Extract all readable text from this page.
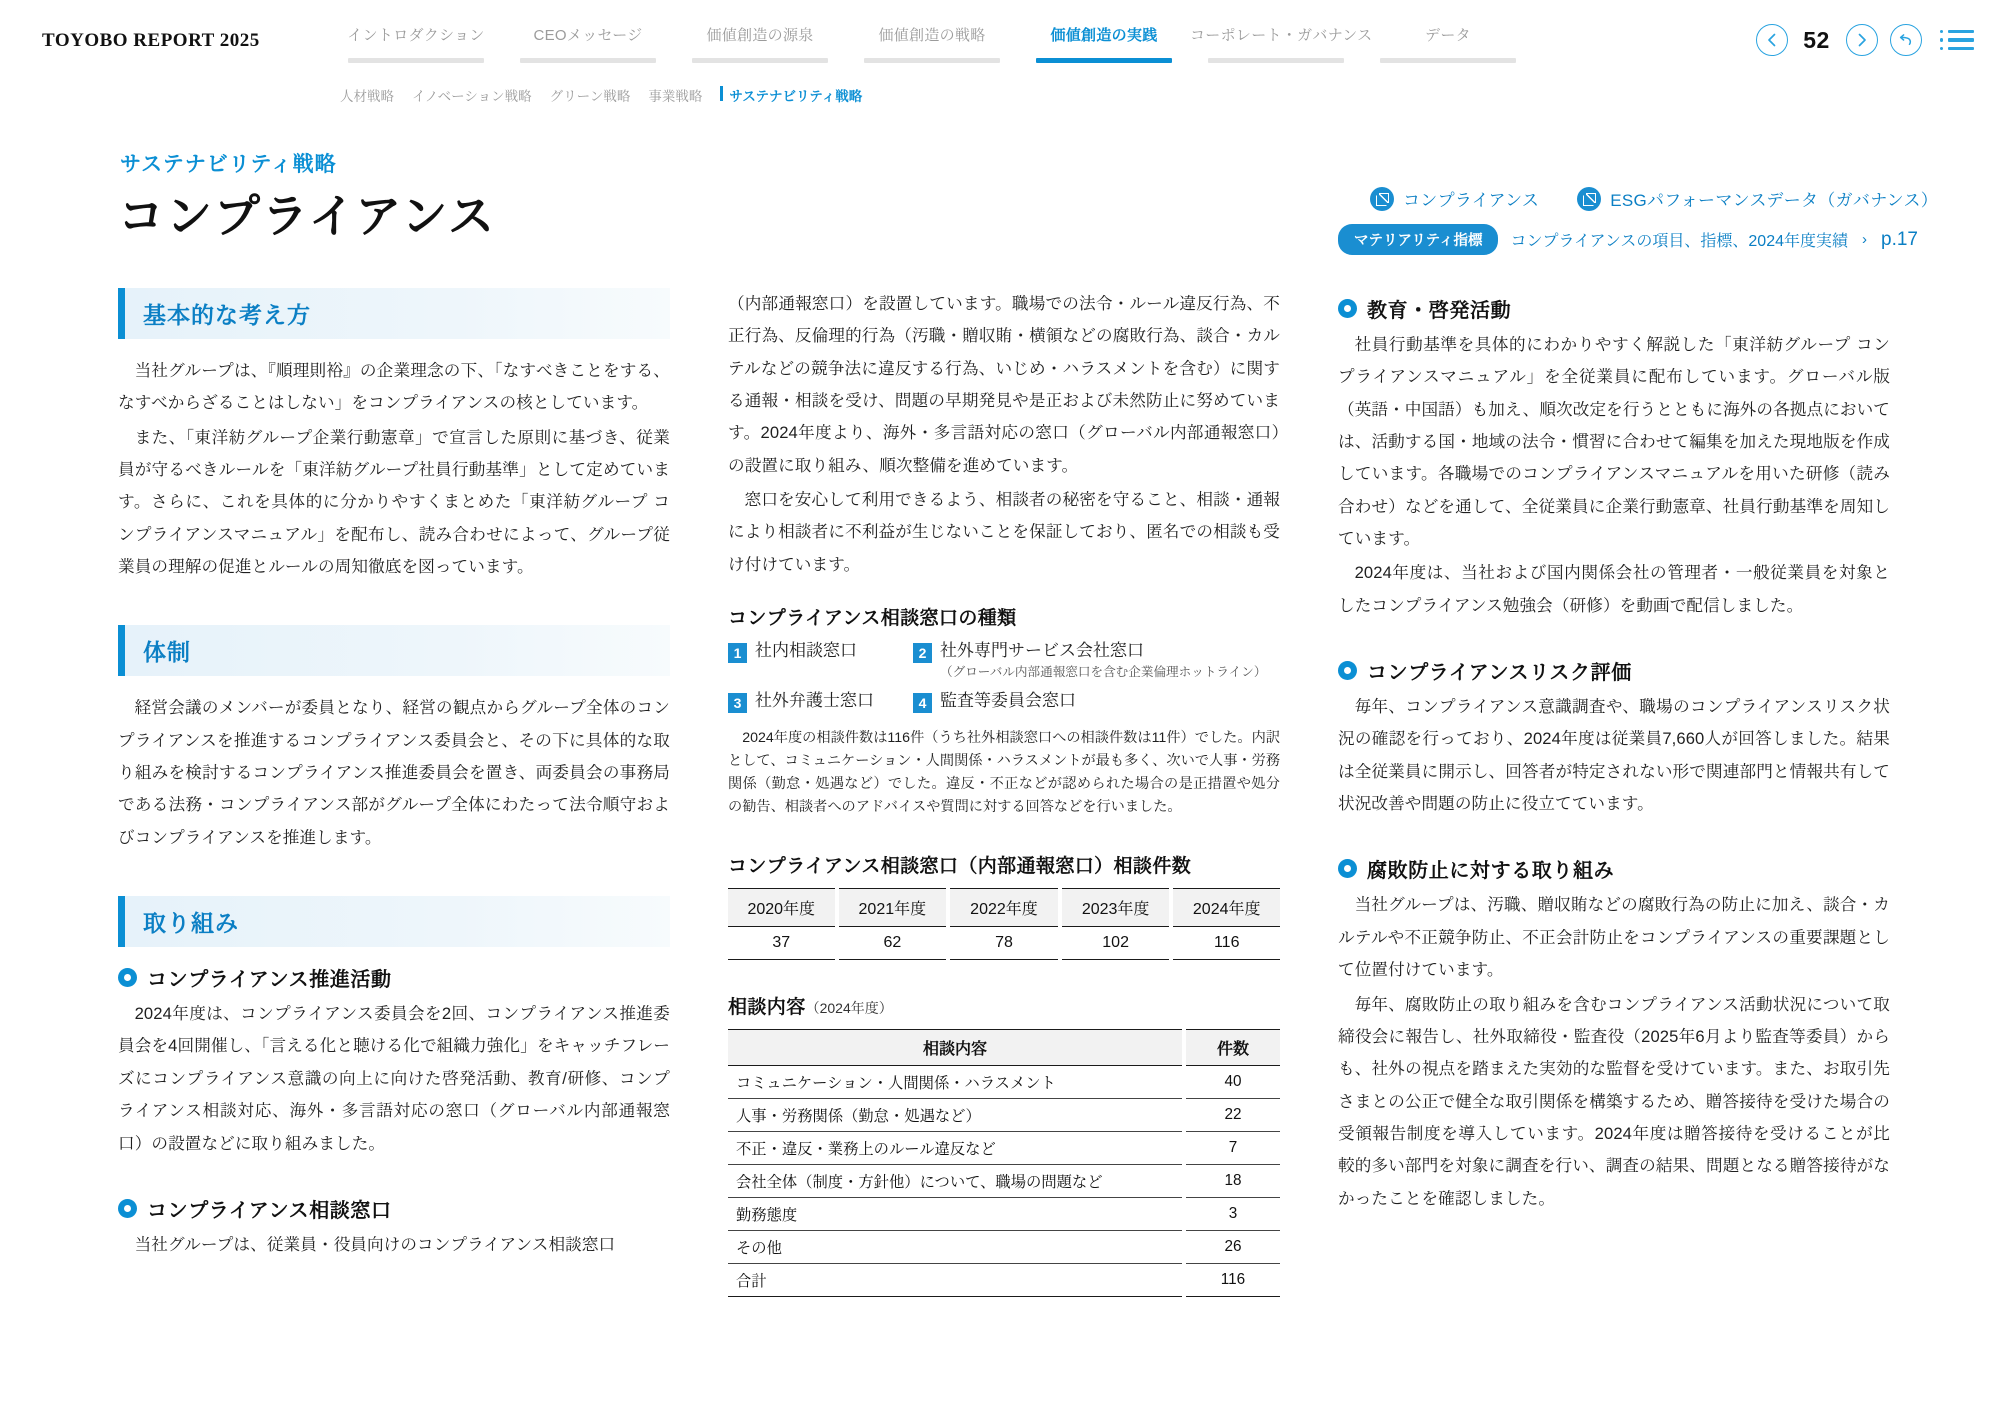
TOYOBO REPORT 2025	イントロダクション	CEOメッセージ	価値創造の源泉	価値創造の戦略	価値創造の実践	コーポレート・ガバナンス	データ
人材戦略 イノベーション戦略 グリーン戦略 事業戦略	サステナビリティ戦略
52
サステナビリティ戦略
コンプライアンス	コンプライアンス	ESGパフォーマンスデータ（ガバナンス）
マテリアリティ指標	コンプライアンスの項目、指標、2024年度実績 › p.17
基本的な考え方

当社グループは、『順理則裕』の企業理念の下、「なすべきことをする、なすべからざることはしない」をコンプライアンスの核としています。

また、「東洋紡グループ企業行動憲章」で宣言した原則に基づき、従業員が守るべきルールを「東洋紡グループ社員行動基準」として定めています。さらに、これを具体的に分かりやすくまとめた「東洋紡グループ コンプライアンスマニュアル」を配布し、読み合わせによって、グループ従業員の理解の促進とルールの周知徹底を図っています。

体制

経営会議のメンバーが委員となり、経営の観点からグループ全体のコンプライアンスを推進するコンプライアンス委員会と、その下に具体的な取り組みを検討するコンプライアンス推進委員会を置き、両委員会の事務局である法務・コンプライアンス部がグループ全体にわたって法令順守およびコンプライアンスを推進します。

取り組み
コンプライアンス推進活動

2024年度は、コンプライアンス委員会を2回、コンプライアンス推進委員会を4回開催し、「言える化と聴ける化で組織力強化」をキャッチフレーズにコンプライアンス意識の向上に向けた啓発活動、教育/研修、コンプライアンス相談対応、海外・多言語対応の窓口（グローバル内部通報窓口）の設置などに取り組みました。

コンプライアンス相談窓口

当社グループは、従業員・役員向けのコンプライアンス相談窓口

（内部通報窓口）を設置しています。職場での法令・ルール違反行為、不正行為、反倫理的行為（汚職・贈収賄・横領などの腐敗行為、談合・カルテルなどの競争法に違反する行為、いじめ・ハラスメントを含む）に関する通報・相談を受け、問題の早期発見や是正および未然防止に努めています。2024年度より、海外・多言語対応の窓口（グローバル内部通報窓口）の設置に取り組み、順次整備を進めています。

窓口を安心して利用できるよう、相談者の秘密を守ること、相談・通報により相談者に不利益が生じないことを保証しており、匿名での相談も受け付けています。

コンプライアンス相談窓口の種類
1 社内相談窓口	2 社外専門サービス会社窓口
（グローバル内部通報窓口を含む企業倫理ホットライン）
3 社外弁護士窓口	4 監査等委員会窓口

2024年度の相談件数は116件（うち社外相談窓口への相談件数は11件）でした。内訳として、コミュニケーション・人間関係・ハラスメントが最も多く、次いで人事・労務関係（勤怠・処遇など）でした。違反・不正などが認められた場合の是正措置や処分の勧告、相談者へのアドバイスや質問に対する回答などを行いました。

コンプライアンス相談窓口（内部通報窓口）相談件数
2020年度	2021年度	2022年度	2023年度	2024年度
37	62	78	102	116
相談内容（2024年度）
相談内容	件数
コミュニケーション・人間関係・ハラスメント	40
人事・労務関係（勤怠・処遇など）	22
不正・違反・業務上のルール違反など	7
会社全体（制度・方針他）について、職場の問題など	18
勤務態度	3
その他	26
合計	116
教育・啓発活動

社員行動基準を具体的にわかりやすく解説した「東洋紡グループ コンプライアンスマニュアル」を全従業員に配布しています。グローバル版（英語・中国語）も加え、順次改定を行うとともに海外の各拠点においては、活動する国・地域の法令・慣習に合わせて編集を加えた現地版を作成しています。各職場でのコンプライアンスマニュアルを用いた研修（読み合わせ）などを通して、全従業員に企業行動憲章、社員行動基準を周知しています。

2024年度は、当社および国内関係会社の管理者・一般従業員を対象としたコンプライアンス勉強会（研修）を動画で配信しました。

コンプライアンスリスク評価

毎年、コンプライアンス意識調査や、職場のコンプライアンスリスク状況の確認を行っており、2024年度は従業員7,660人が回答しました。結果は全従業員に開示し、回答者が特定されない形で関連部門と情報共有して状況改善や問題の防止に役立てています。

腐敗防止に対する取り組み

当社グループは、汚職、贈収賄などの腐敗行為の防止に加え、談合・カルテルや不正競争防止、不正会計防止をコンプライアンスの重要課題として位置付けています。

毎年、腐敗防止の取り組みを含むコンプライアンス活動状況について取締役会に報告し、社外取締役・監査役（2025年6月より監査等委員）からも、社外の視点を踏まえた実効的な監督を受けています。また、お取引先さまとの公正で健全な取引関係を構築するため、贈答接待を受けた場合の受領報告制度を導入しています。2024年度は贈答接待を受けることが比較的多い部門を対象に調査を行い、調査の結果、問題となる贈答接待がなかったことを確認しました。
